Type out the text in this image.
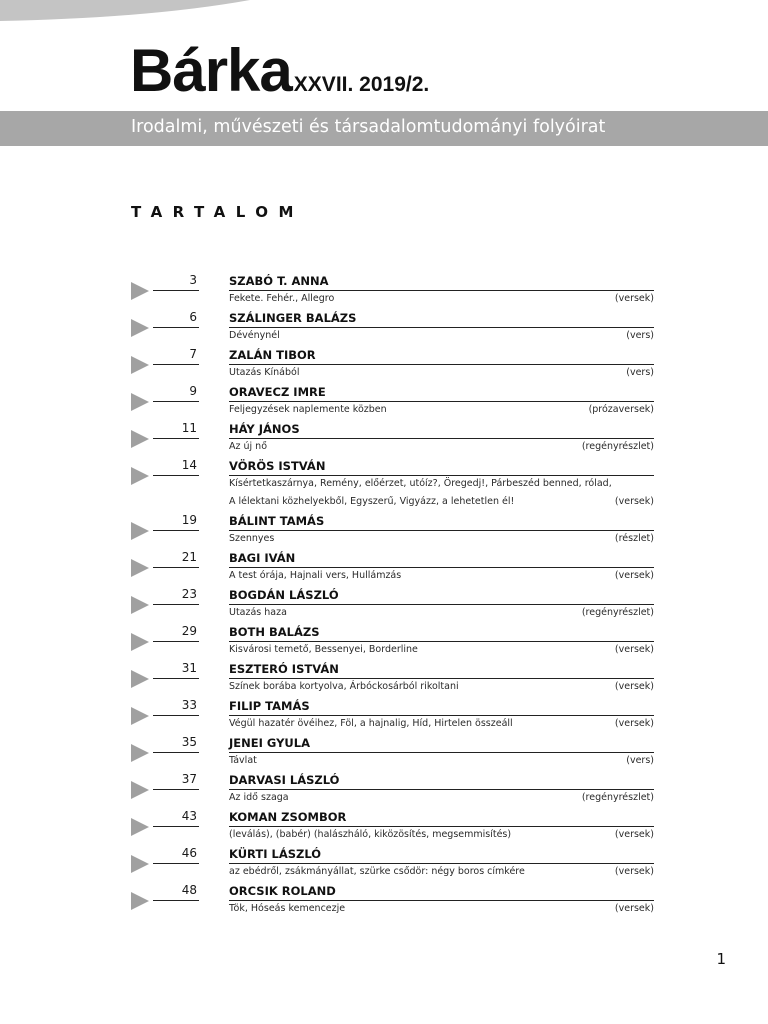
BárkaXXVII. 2019/2.
Irodalmi, művészeti és társadalomtudományi folyóirat
TARTALOM
3	SZABÓ T. ANNA
Fekete. Fehér., Allegro	(versek)
6	SZÁLINGER BALÁZS
Dévénynél	(vers)
7	ZALÁN TIBOR
Utazás Kínából	(vers)
9	ORAVECZ IMRE
Feljegyzések naplemente közben	(prózaversek)
11	HÁY JÁNOS
Az új nő	(regényrészlet)
14	VÖRÖS ISTVÁN
Kísértetkaszárnya, Remény, előérzet, utóíz?, Öregedj!, Párbeszéd benned, rólad,
A lélektani közhelyekből, Egyszerű, Vigyázz, a lehetetlen él!	(versek)
19	BÁLINT TAMÁS
Szennyes	(részlet)
21	BAGI IVÁN
A test órája, Hajnali vers, Hullámzás	(versek)
23	BOGDÁN LÁSZLÓ
Utazás haza	(regényrészlet)
29	BOTH BALÁZS
Kisvárosi temető, Bessenyei, Borderline	(versek)
31	ESZTERÓ ISTVÁN
Színek borába kortyolva, Árbóckosárból rikoltani	(versek)
33	FILIP TAMÁS
Végül hazatér övéihez, Föl, a hajnalig, Híd, Hirtelen összeáll	(versek)
35	JENEI GYULA
Távlat	(vers)
37	DARVASI LÁSZLÓ
Az idő szaga	(regényrészlet)
43	KOMAN ZSOMBOR
(leválás), (babér) (halászháló, kiközösítés, megsemmisítés)	(versek)
46	KÜRTI LÁSZLÓ
az ebédről, zsákmányállat, szürke csődör: négy boros címkére	(versek)
48	ORCSIK ROLAND
Tök, Hóseás kemencezje	(versek)
1
